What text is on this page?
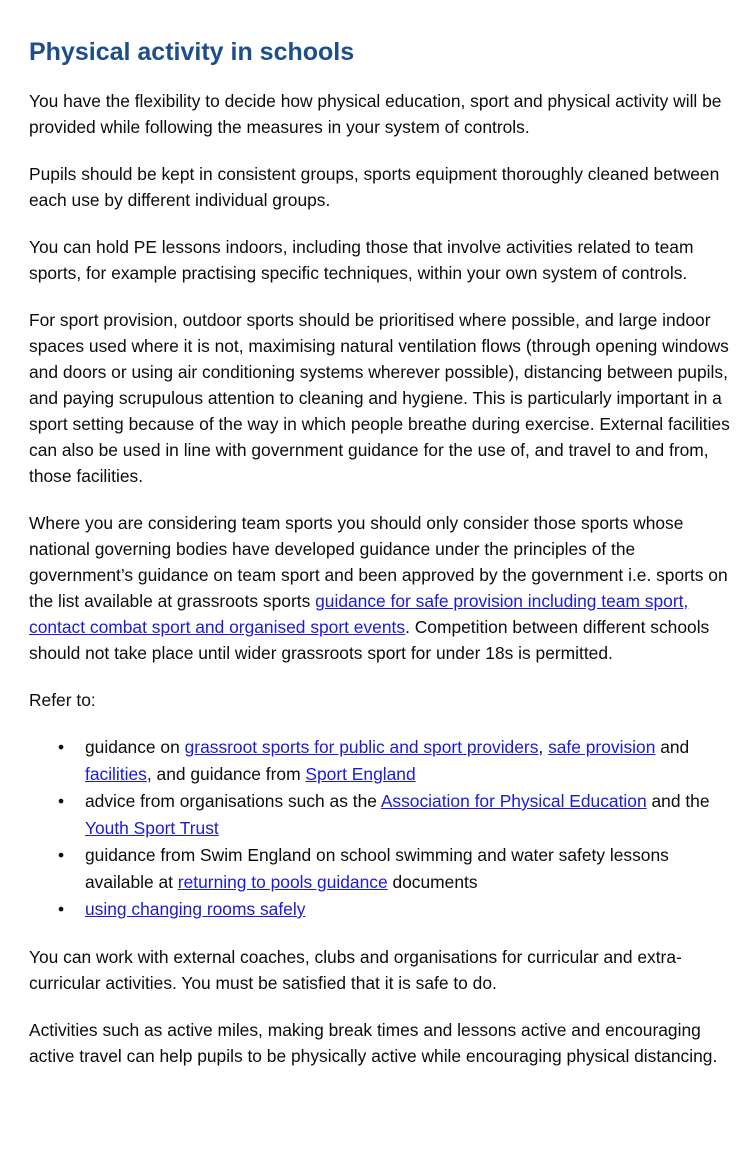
Physical activity in schools

You have the flexibility to decide how physical education, sport and physical activity will be provided while following the measures in your system of controls.

Pupils should be kept in consistent groups, sports equipment thoroughly cleaned between each use by different individual groups.

You can hold PE lessons indoors, including those that involve activities related to team sports, for example practising specific techniques, within your own system of controls.

For sport provision, outdoor sports should be prioritised where possible, and large indoor spaces used where it is not, maximising natural ventilation flows (through opening windows and doors or using air conditioning systems wherever possible), distancing between pupils, and paying scrupulous attention to cleaning and hygiene. This is particularly important in a sport setting because of the way in which people breathe during exercise. External facilities can also be used in line with government guidance for the use of, and travel to and from, those facilities.

Where you are considering team sports you should only consider those sports whose national governing bodies have developed guidance under the principles of the government’s guidance on team sport and been approved by the government i.e. sports on the list available at grassroots sports guidance for safe provision including team sport, contact combat sport and organised sport events. Competition between different schools should not take place until wider grassroots sport for under 18s is permitted.

Refer to:

• guidance on grassroot sports for public and sport providers, safe provision and facilities, and guidance from Sport England
• advice from organisations such as the Association for Physical Education and the Youth Sport Trust
• guidance from Swim England on school swimming and water safety lessons available at returning to pools guidance documents
• using changing rooms safely

You can work with external coaches, clubs and organisations for curricular and extra-curricular activities. You must be satisfied that it is safe to do.

Activities such as active miles, making break times and lessons active and encouraging active travel can help pupils to be physically active while encouraging physical distancing.
